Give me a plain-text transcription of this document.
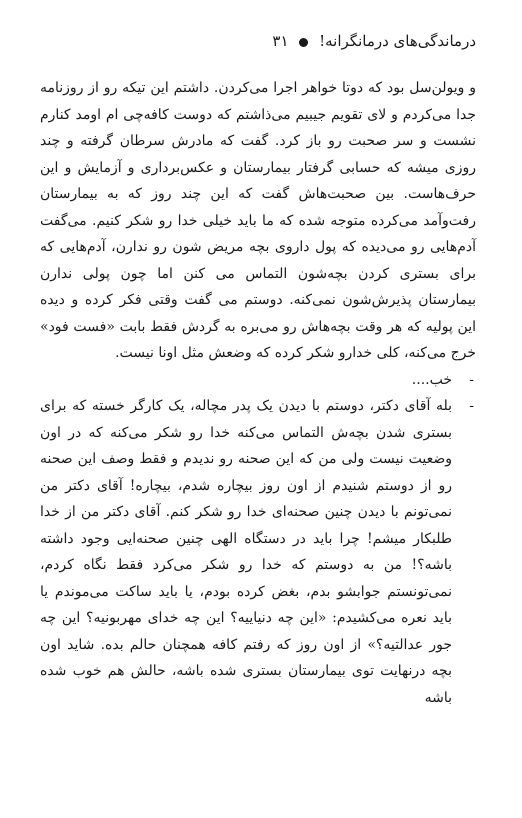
درماندگی‌های درمانگرانه!  ۳۱

و ویولن‌سل بود که دوتا خواهر اجرا می‌کردن. داشتم این تیکه رو از روزنامه جدا می‌کردم و لای تقویم جیبیم می‌ذاشتم که دوست کافه‌چی ام اومد کنارم نشست و سر صحبت رو باز کرد. گفت که مادرش سرطان گرفته و چند روزی میشه که حسابی گرفتار بیمارستان و عکس‌برداری و آزمایش و این حرف‌هاست. بین صحبت‌هاش گفت که این چند روز که به بیمارستان رفت‌وآمد می‌کرده متوجه شده که ما باید خیلی خدا رو شکر کنیم. می‌گفت آدم‌هایی رو می‌دیده که پول داروی بچه مریض شون رو ندارن، آدم‌هایی که برای بستری کردن بچه‌شون التماس می کنن اما چون پولی ندارن بیمارستان پذیرش‌شون نمی‌کنه. دوستم می گفت وقتی فکر کرده و دیده این پولیه که هر وقت بچه‌هاش رو می‌بره به گردش فقط بابت «فست فود» خرج می‌کنه، کلی خدارو شکر کرده که وضعش مثل اونا نیست.

-
خب....

-
بله آقای دکتر، دوستم با دیدن یک پدر مچاله، یک کارگر خسته که برای بستری شدن بچه‌ش التماس می‌کنه خدا رو شکر می‌کنه که در اون وضعیت نیست ولی من که این صحنه رو ندیدم و فقط وصف این صحنه رو از دوستم شنیدم از اون روز بیچاره شدم، بیچاره! آقای دکتر من نمی‌تونم با دیدن چنین صحنه‌ای خدا رو شکر کنم. آقای دکتر من از خدا طلبکار میشم! چرا باید در دستگاه الهی چنین صحنه‌ایی وجود داشته باشه؟! من به دوستم که خدا رو شکر می‌کرد فقط نگاه کردم، نمی‌تونستم جوابشو بدم، بغض کرده بودم، یا باید ساکت می‌موندم یا باید نعره می‌کشیدم: «این چه دنیاییه؟ این چه خدای مهربونیه؟ این چه جور عدالتیه؟» از اون روز که رفتم کافه همچنان حالم بده. شاید اون بچه درنهایت توی بیمارستان بستری شده باشه، حالش هم خوب شده باشه
